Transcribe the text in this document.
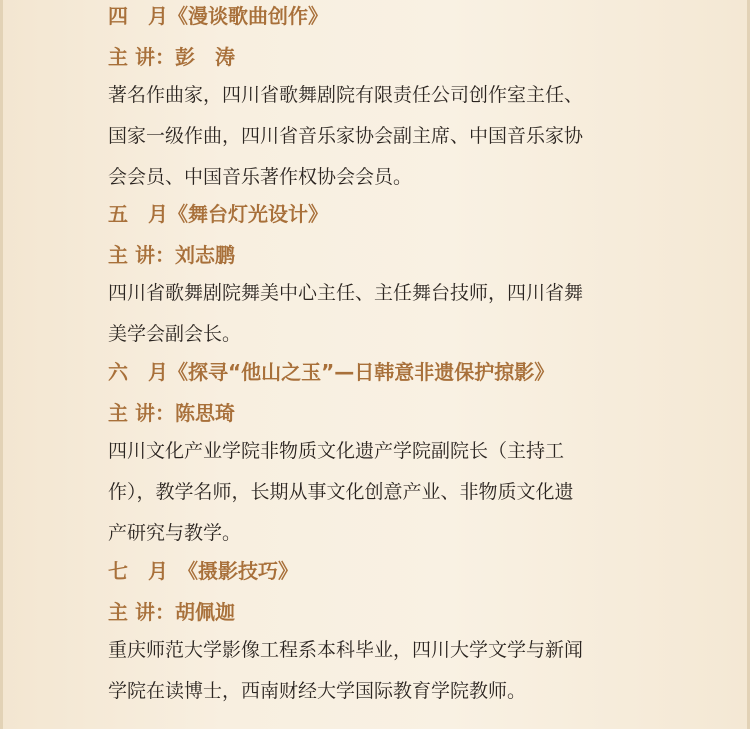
四　月《漫谈歌曲创作》
主 讲：彭　涛
著名作曲家，四川省歌舞剧院有限责任公司创作室主任、
国家一级作曲，四川省音乐家协会副主席、中国音乐家协
会会员、中国音乐著作权协会会员。
五　月《舞台灯光设计》
主 讲：刘志鹏
四川省歌舞剧院舞美中心主任、主任舞台技师，四川省舞
美学会副会长。
六　月《探寻“他山之玉”—日韩意非遗保护掠影》
主 讲：陈思琦
四川文化产业学院非物质文化遗产学院副院长（主持工
作），教学名师，长期从事文化创意产业、非物质文化遗
产研究与教学。
七　月　《摄影技巧》
主 讲：胡佩迦
重庆师范大学影像工程系本科毕业，四川大学文学与新闻
学院在读博士，西南财经大学国际教育学院教师。
